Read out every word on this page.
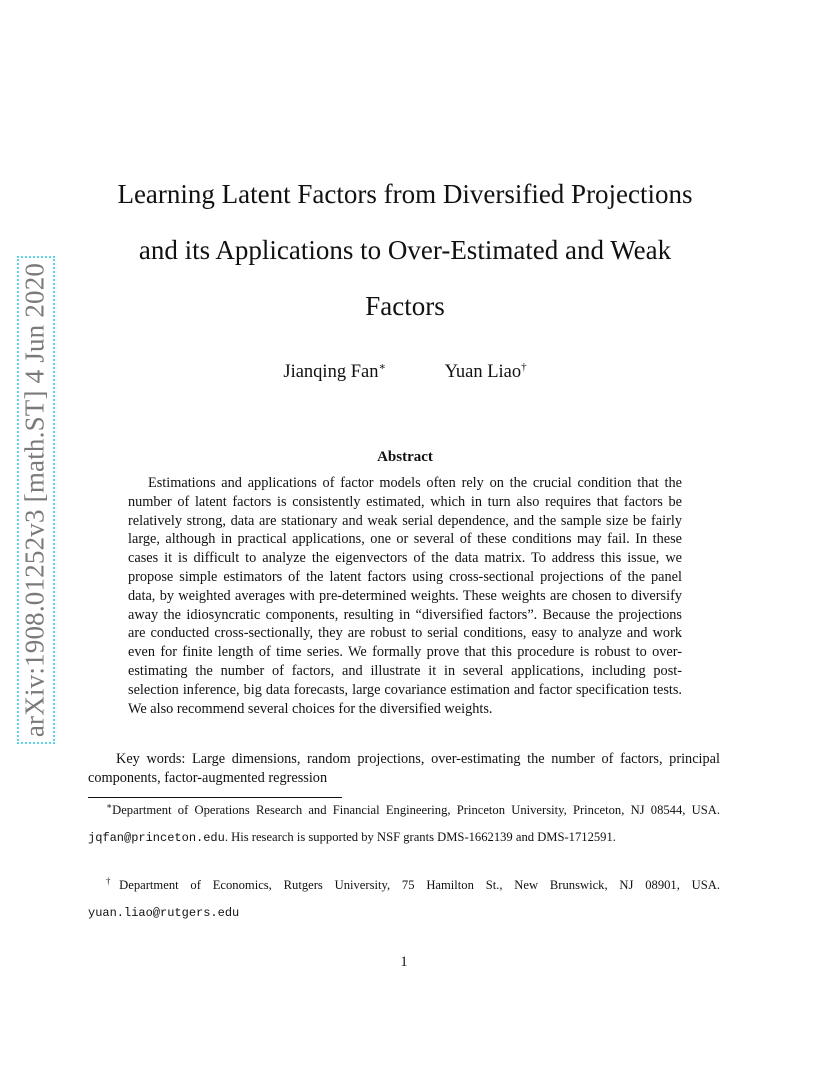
arXiv:1908.01252v3 [math.ST] 4 Jun 2020
Learning Latent Factors from Diversified Projections
and its Applications to Over-Estimated and Weak
Factors
Jianqing Fan∗	Yuan Liao†
Abstract

Estimations and applications of factor models often rely on the crucial condition that the number of latent factors is consistently estimated, which in turn also requires that factors be relatively strong, data are stationary and weak serial dependence, and the sample size be fairly large, although in practical applications, one or several of these conditions may fail. In these cases it is difficult to analyze the eigenvectors of the data matrix. To address this issue, we propose simple estimators of the latent factors using cross-sectional projections of the panel data, by weighted averages with pre-determined weights. These weights are chosen to diversify away the idiosyncratic components, resulting in “diversified factors”. Because the projections are conducted cross-sectionally, they are robust to serial conditions, easy to analyze and work even for finite length of time series. We formally prove that this procedure is robust to over-estimating the number of factors, and illustrate it in several applications, including post-selection inference, big data forecasts, large covariance estimation and factor specification tests. We also recommend several choices for the diversified weights.

Key words: Large dimensions, random projections, over-estimating the number of factors, principal components, factor-augmented regression

∗Department of Operations Research and Financial Engineering, Princeton University, Princeton, NJ 08544, USA. jqfan@princeton.edu. His research is supported by NSF grants DMS-1662139 and DMS-1712591.

†Department of Economics, Rutgers University, 75 Hamilton St., New Brunswick, NJ 08901, USA. yuan.liao@rutgers.edu

1
